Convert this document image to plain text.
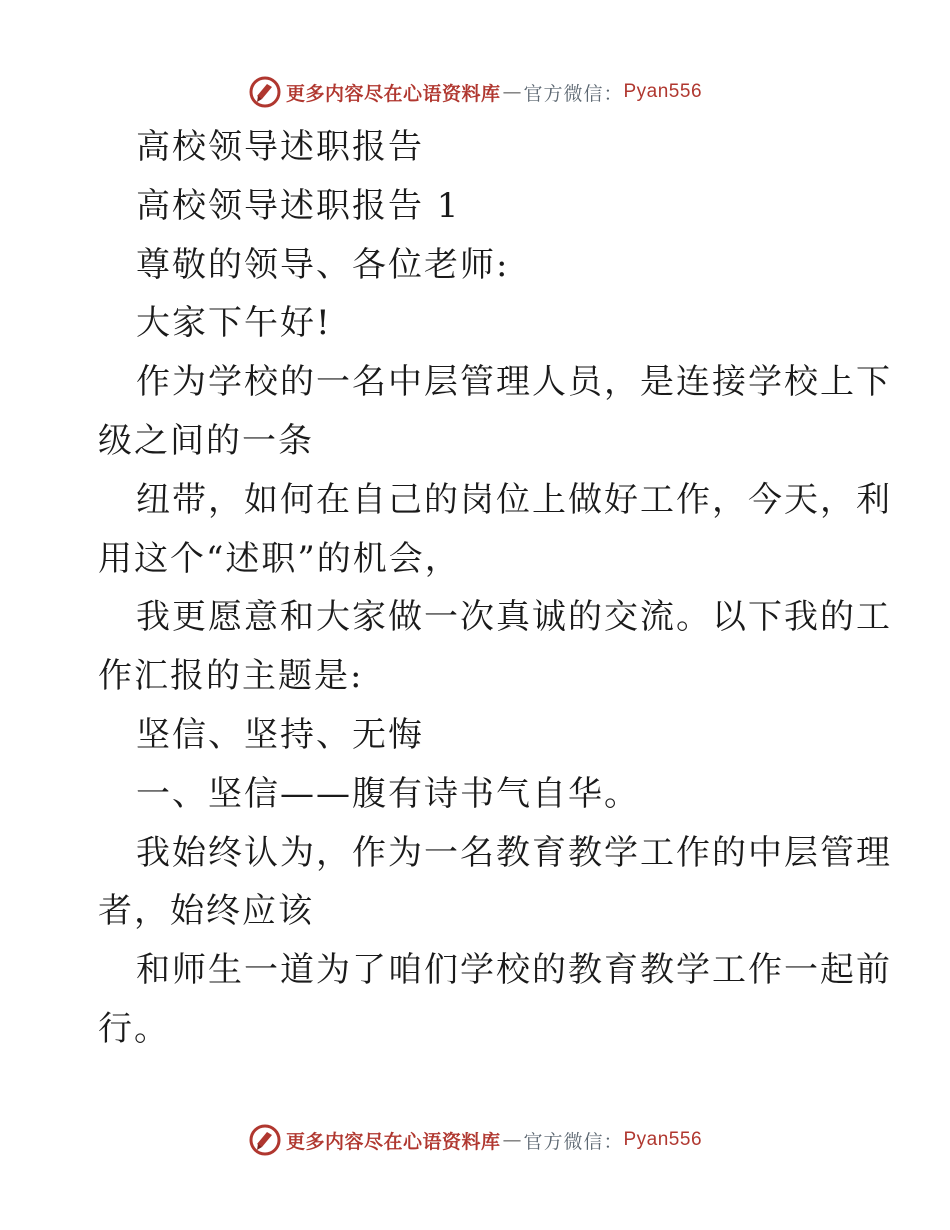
更多内容尽在心语资料库 — 官方微信： Pyan556
高校领导述职报告
高校领导述职报告 1
尊敬的领导、各位老师:
大家下午好!
作为学校的一名中层管理人员，是连接学校上下
级之间的一条
纽带，如何在自己的岗位上做好工作，今天，利
用这个“述职”的机会，
我更愿意和大家做一次真诚的交流。以下我的工
作汇报的主题是:
坚信、坚持、无悔
一、坚信——腹有诗书气自华。
我始终认为，作为一名教育教学工作的中层管理
者，始终应该
和师生一道为了咱们学校的教育教学工作一起前
行。
更多内容尽在心语资料库 — 官方微信： Pyan556
